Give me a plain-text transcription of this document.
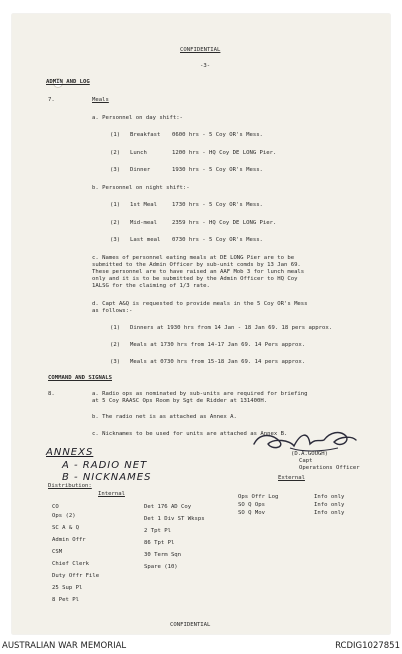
CONFIDENTIAL
-3-
ADMIN AND LOG
7.	Meals
a. Personnel on day shift:-
(1) Breakfast 0600 hrs - 5 Coy OR's Mess.
(2) Lunch	1200 hrs - HQ Coy DE LONG Pier.
(3) Dinner	1930 hrs - 5 Coy OR's Mess.
b. Personnel on night shift:-
(1) 1st Meal	1730 hrs - 5 Coy OR's Mess.
(2) Mid-meal	2359 hrs - HQ Coy DE LONG Pier.
(3) Last meal 0730 hrs - 5 Coy OR's Mess.
c. Names of personnel eating meals at DE LONG Pier are to be
submitted to the Admin Officer by sub-unit comds by 13 Jan 69.
These personnel are to have raised an AAF Mob 3 for lunch meals
only and it is to be submitted by the Admin Officer to HQ Coy
1ALSG for the claiming of 1/3 rate.
d. Capt A&Q is requested to provide meals in the 5 Coy OR's Mess
as follows:-
(1) Dinners at 1930 hrs from 14 Jan - 18 Jan 69. 18 pers approx.
(2) Meals at 1730 hrs from 14-17 Jan 69. 14 Pers approx.
(3) Meals at 0730 hrs from 15-18 Jan 69. 14 pers approx.
COMMAND AND SIGNALS
8.	a. Radio ops as nominated by sub-units are required for briefing
at 5 Coy RAASC Ops Room by Sgt de Ridder at 131400H.
b. The radio net is as attached as Annex A.
c. Nicknames to be used for units are attached as Annex B.
ANNEXS
A - RADIO NET
B - NICKNAMES
(D.A.GOUGH)
Capt
Operations Officer
Distribution:
Internal
External
CO
Ops (2)
SC A & Q
Admin Offr
CSM
Chief Clerk
Duty Offr File
25 Sup Pl
8 Pet Pl
Det 176 AD Coy
Det 1 Div ST Wksps
2 Tpt Pl
86 Tpt Pl
30 Term Sqn
Spare (10)
Ops Offr Log	Info only
SO Q Ops	Info only
SO Q Mov	Info only
CONFIDENTIAL
AUSTRALIAN WAR MEMORIAL	RCDIG1027851
